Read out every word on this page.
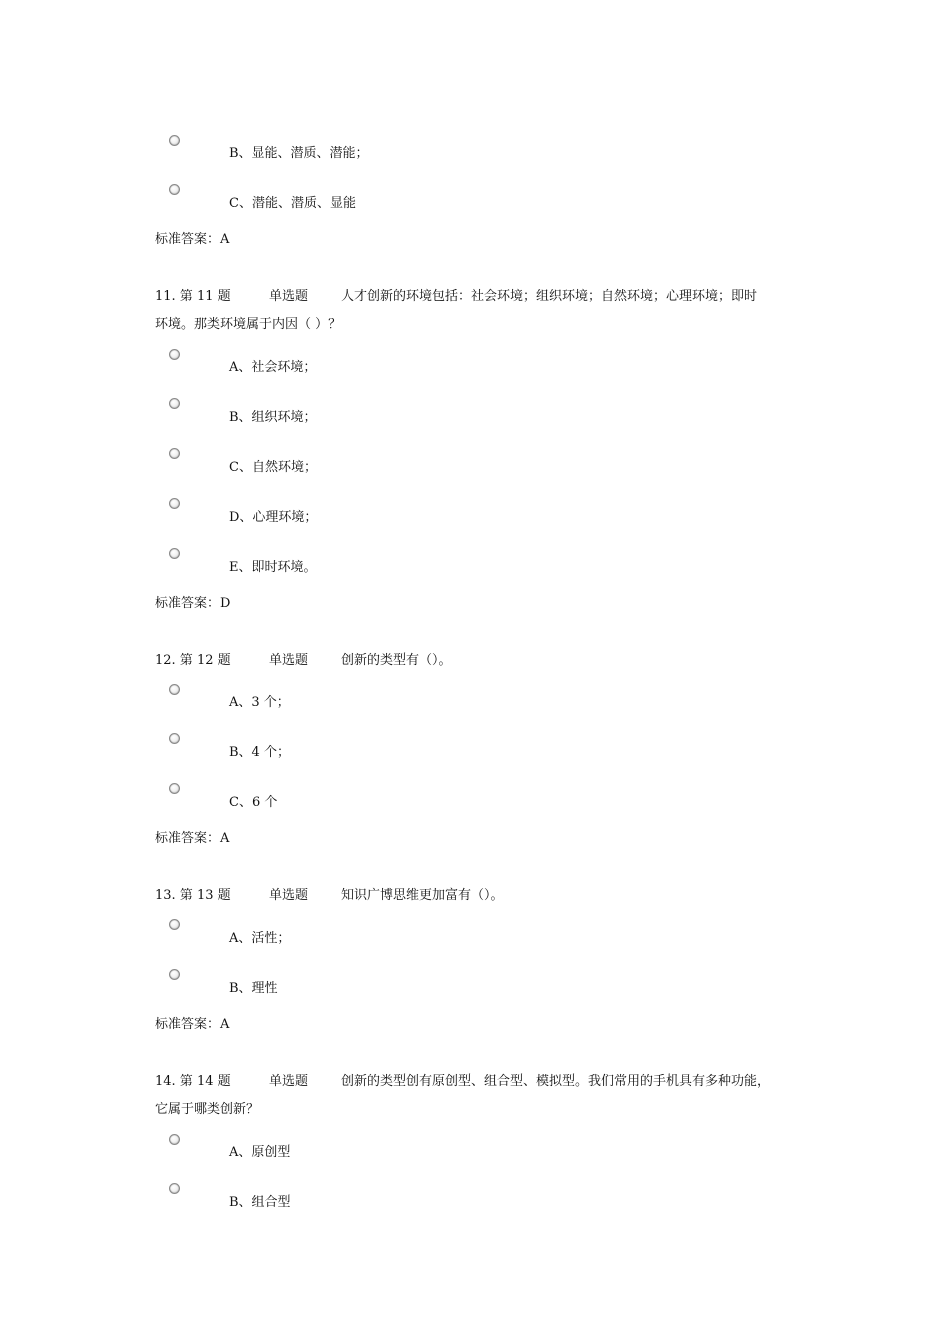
B、显能、潜质、潜能；
C、潜能、潜质、显能
标准答案：A
11. 第 11 题	单选题	人才创新的环境包括：社会环境；组织环境；自然环境；心理环境；即时
环境。那类环境属于内因（ ）？
A、社会环境；
B、组织环境；
C、自然环境；
D、心理环境；
E、即时环境。
标准答案：D
12. 第 12 题	单选题	创新的类型有（）。
A、3 个；
B、4 个；
C、6 个
标准答案：A
13. 第 13 题	单选题	知识广博思维更加富有（）。
A、活性；
B、理性
标准答案：A
14. 第 14 题	单选题	创新的类型创有原创型、组合型、模拟型。我们常用的手机具有多种功能，
它属于哪类创新？
A、原创型
B、组合型
